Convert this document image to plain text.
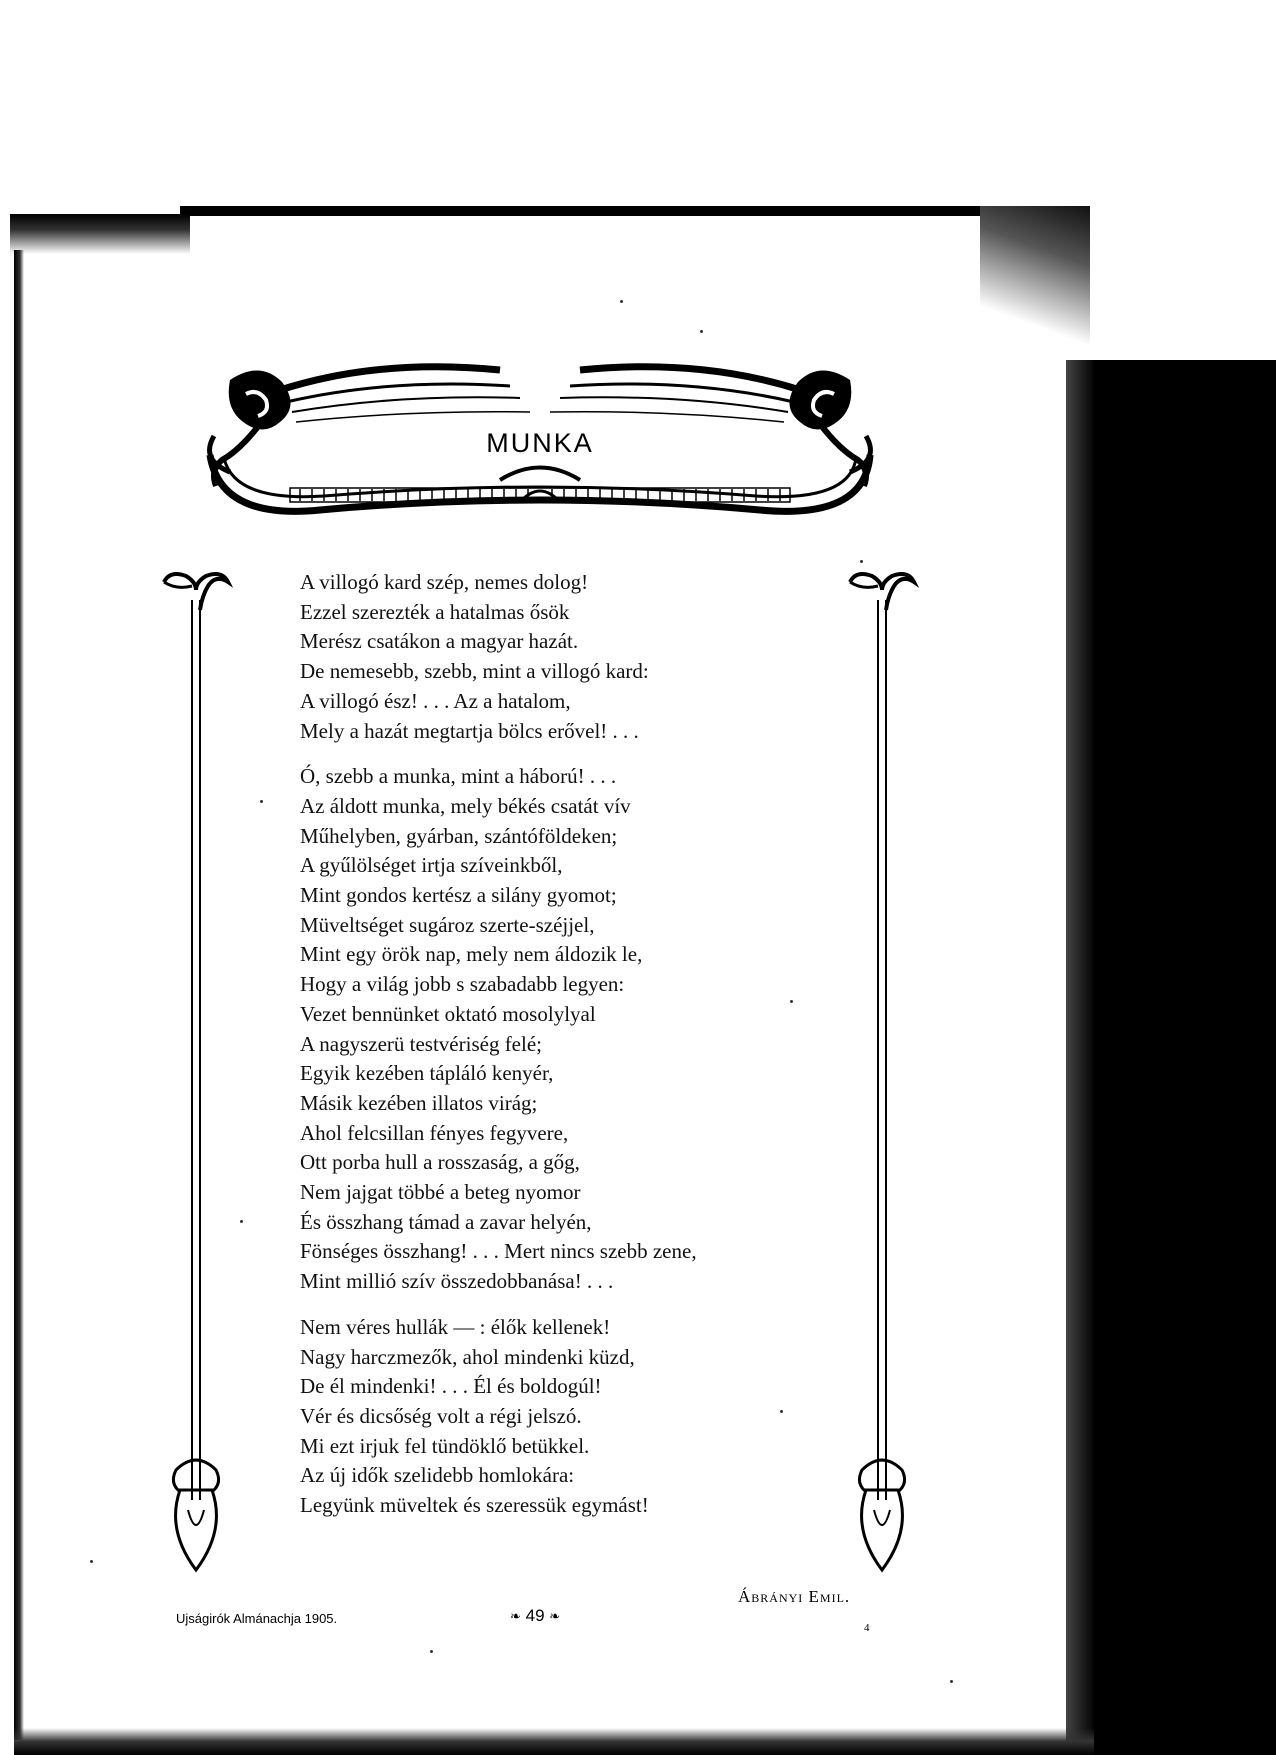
MUNKA
A villogó kard szép, nemes dolog!
Ezzel szerezték a hatalmas ősök
Merész csatákon a magyar hazát.
De nemesebb, szebb, mint a villogó kard:
A villogó ész! . . . Az a hatalom,
Mely a hazát megtartja bölcs erővel! . . .
Ó, szebb a munka, mint a háború! . . .
Az áldott munka, mely békés csatát vív
Műhelyben, gyárban, szántóföldeken;
A gyűlölséget irtja szíveinkből,
Mint gondos kertész a silány gyomot;
Müveltséget sugároz szerte-széjjel,
Mint egy örök nap, mely nem áldozik le,
Hogy a világ jobb s szabadabb legyen:
Vezet bennünket oktató mosolylyal
A nagyszerü testvériség felé;
Egyik kezében tápláló kenyér,
Másik kezében illatos virág;
Ahol felcsillan fényes fegyvere,
Ott porba hull a rosszaság, a gőg,
Nem jajgat többé a beteg nyomor
És összhang támad a zavar helyén,
Fönséges összhang! . . . Mert nincs szebb zene,
Mint millió szív összedobbanása! . . .
Nem véres hullák — : élők kellenek!
Nagy harczmezők, ahol mindenki küzd,
De él mindenki! . . . Él és boldogúl!
Vér és dicsőség volt a régi jelszó.
Mi ezt irjuk fel tündöklő betükkel.
Az új idők szelidebb homlokára:
Legyünk müveltek és szeressük egymást!
Ábrányi Emil.
Ujságirók Almánachja 1905.	❧ 49 ❧
4
